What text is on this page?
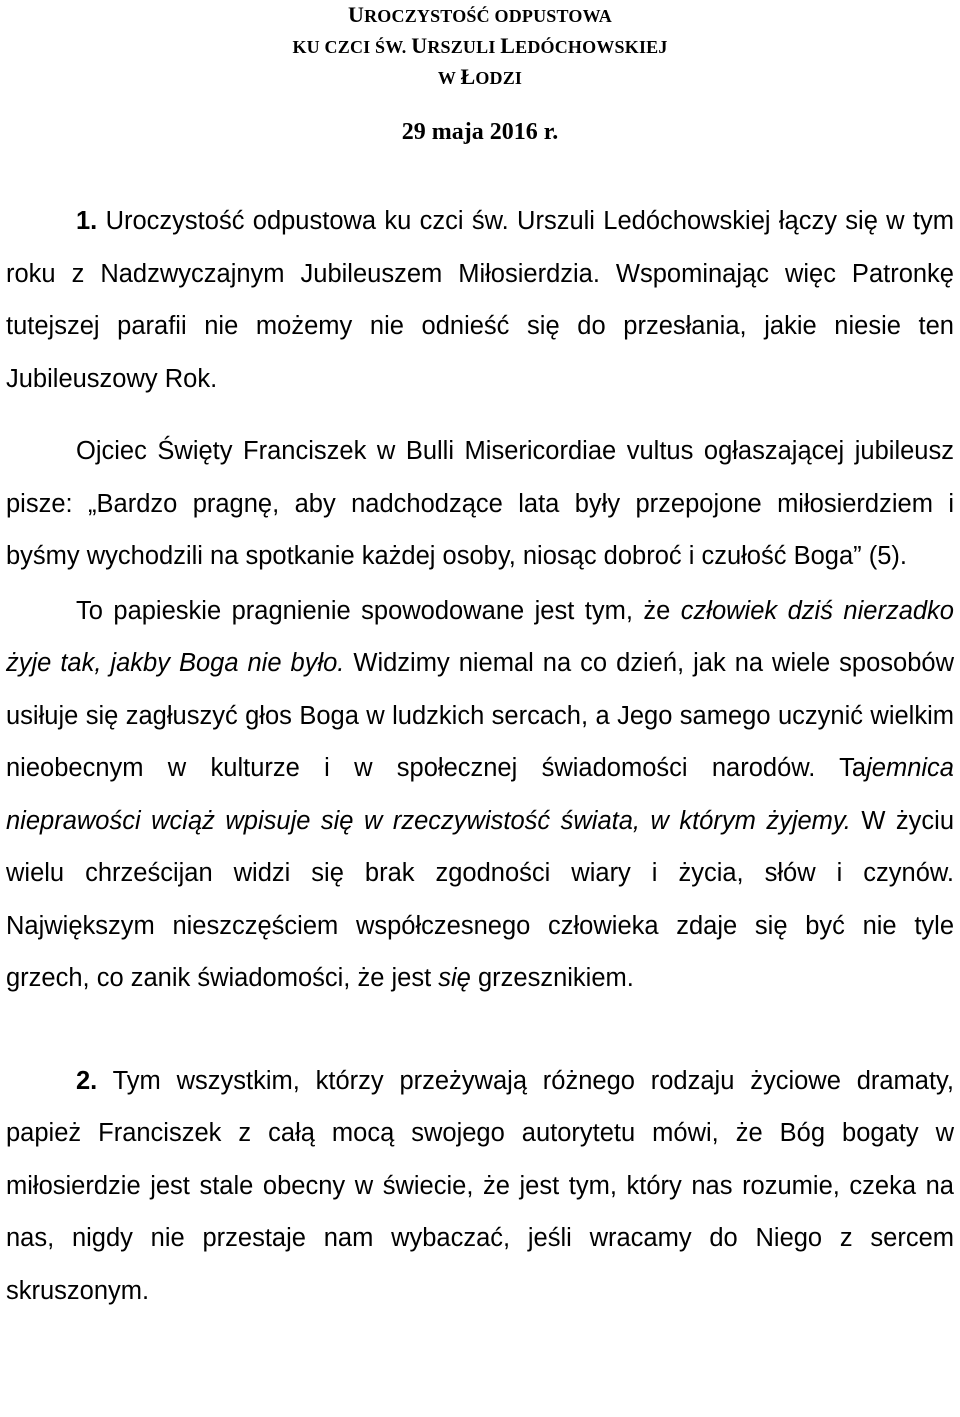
UROCZYSTOŚĆ ODPUSTOWA
KU CZCI ŚW. URSZULI LEDÓCHOWSKIEJ
W ŁODZI
29 maja 2016 r.

1. Uroczystość odpustowa ku czci św. Urszuli Ledóchowskiej łączy się w tym roku z Nadzwyczajnym Jubileuszem Miłosierdzia. Wspominając więc Patronkę tutejszej parafii nie możemy nie odnieść się do przesłania, jakie niesie ten Jubileuszowy Rok.

Ojciec Święty Franciszek w Bulli Misericordiae vultus ogłaszającej jubileusz pisze: „Bardzo pragnę, aby nadchodzące lata były przepojone miłosierdziem i byśmy wychodzili na spotkanie każdej osoby, niosąc dobroć i czułość Boga” (5).

To papieskie pragnienie spowodowane jest tym, że człowiek dziś nierzadko żyje tak, jakby Boga nie było. Widzimy niemal na co dzień, jak na wiele sposobów usiłuje się zagłuszyć głos Boga w ludzkich sercach, a Jego samego uczynić wielkim nieobecnym w kulturze i w społecznej świadomości narodów. Tajemnica nieprawości wciąż wpisuje się w rzeczywistość świata, w którym żyjemy. W życiu wielu chrześcijan widzi się brak zgodności wiary i życia, słów i czynów. Największym nieszczęściem współczesnego człowieka zdaje się być nie tyle grzech, co zanik świadomości, że jest się grzesznikiem.

2. Tym wszystkim, którzy przeżywają różnego rodzaju życiowe dramaty, papież Franciszek z całą mocą swojego autorytetu mówi, że Bóg bogaty w miłosierdzie jest stale obecny w świecie, że jest tym, który nas rozumie, czeka na nas, nigdy nie przestaje nam wybaczać, jeśli wracamy do Niego z sercem skruszonym.
